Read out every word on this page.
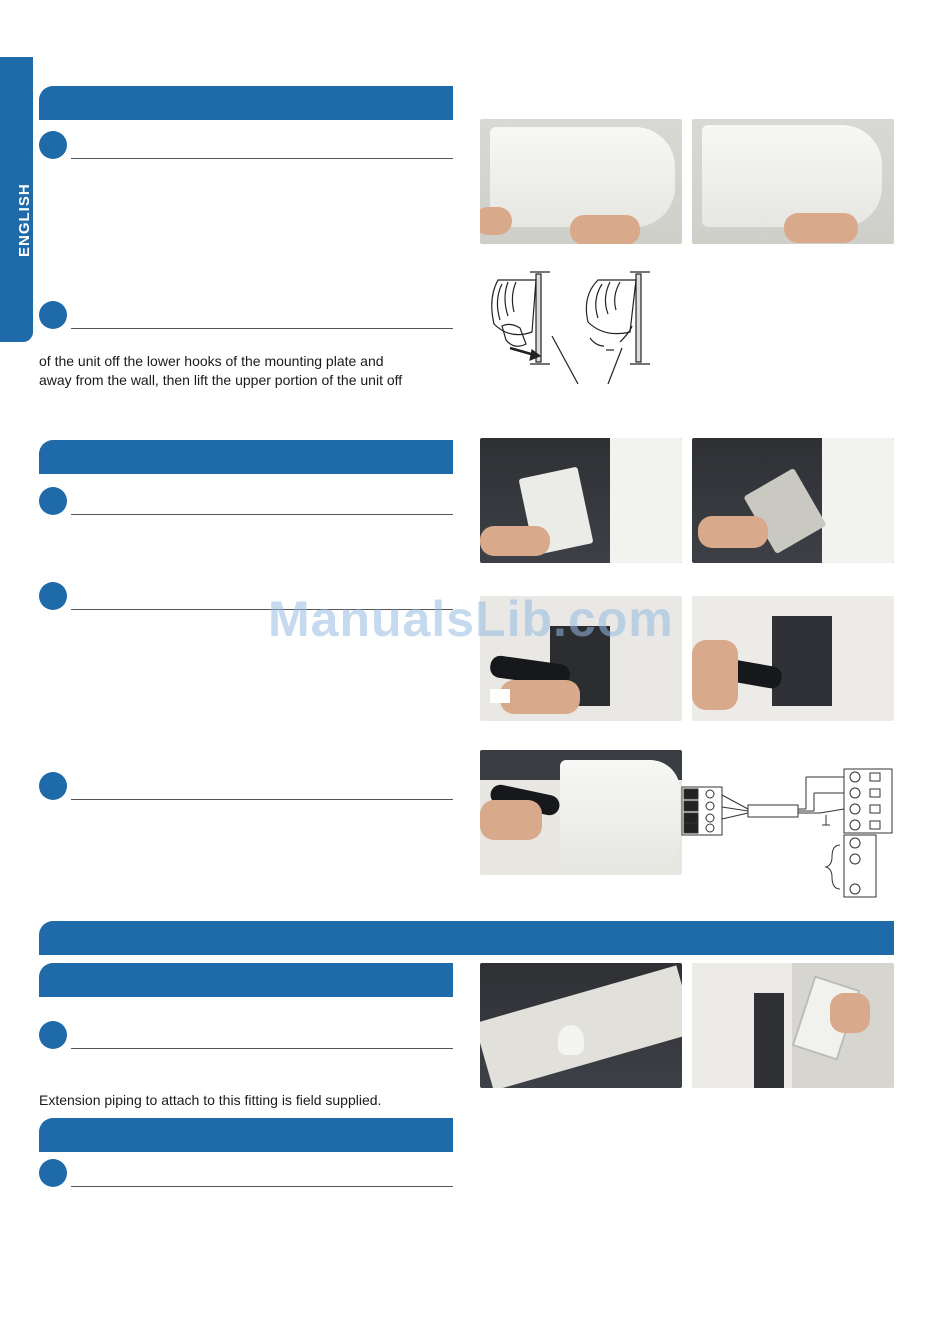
ENGLISH
of the unit off the lower hooks of the mounting plate and
away from the wall, then lift the upper portion of the unit off
ManualsLib.com
Extension piping to attach to this fitting is field supplied.
